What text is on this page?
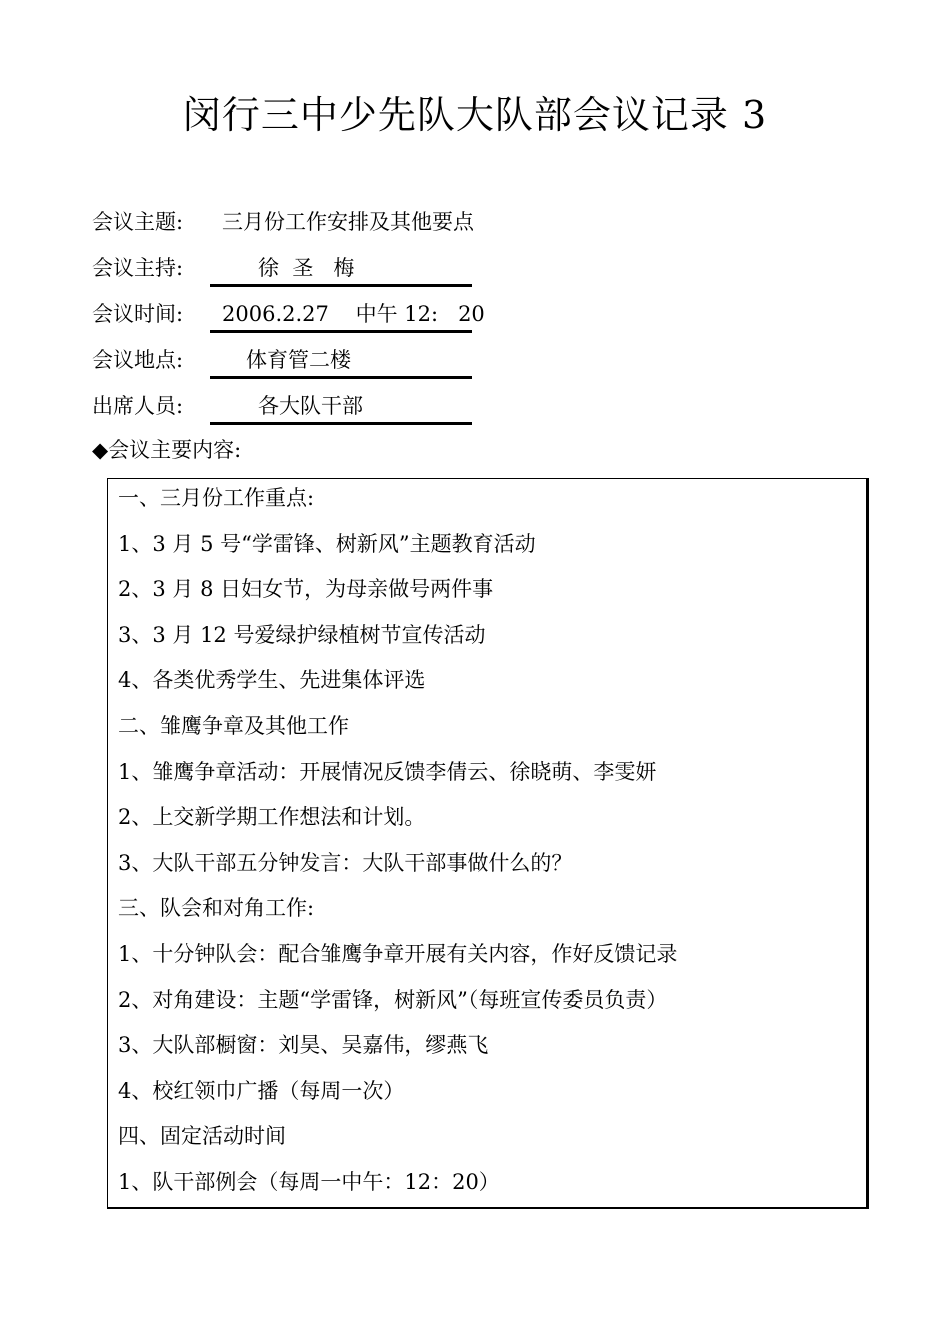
闵行三中少先队大队部会议记录 3
会议主题: 三月份工作安排及其他要点
会议主持:	徐  圣   梅
会议时间:	2006.2.27    中午 12:   20
会议地点:	体育管二楼
出席人员:	各大队干部
◆会议主要内容:
一、三月份工作重点:
1、3 月 5 号“学雷锋、树新风”主题教育活动
2、3 月 8 日妇女节，为母亲做号两件事
3、3 月 12 号爱绿护绿植树节宣传活动
4、各类优秀学生、先进集体评选
二、雏鹰争章及其他工作
1、雏鹰争章活动：开展情况反馈李倩云、徐晓萌、李雯妍
2、上交新学期工作想法和计划。
3、大队干部五分钟发言：大队干部事做什么的？
三、队会和对角工作:
1、十分钟队会：配合雏鹰争章开展有关内容，作好反馈记录
2、对角建设：主题“学雷锋，树新风”（每班宣传委员负责）
3、大队部橱窗：刘昊、吴嘉伟，缪燕飞
4、校红领巾广播（每周一次）
四、固定活动时间
1、队干部例会（每周一中午：12：20）
